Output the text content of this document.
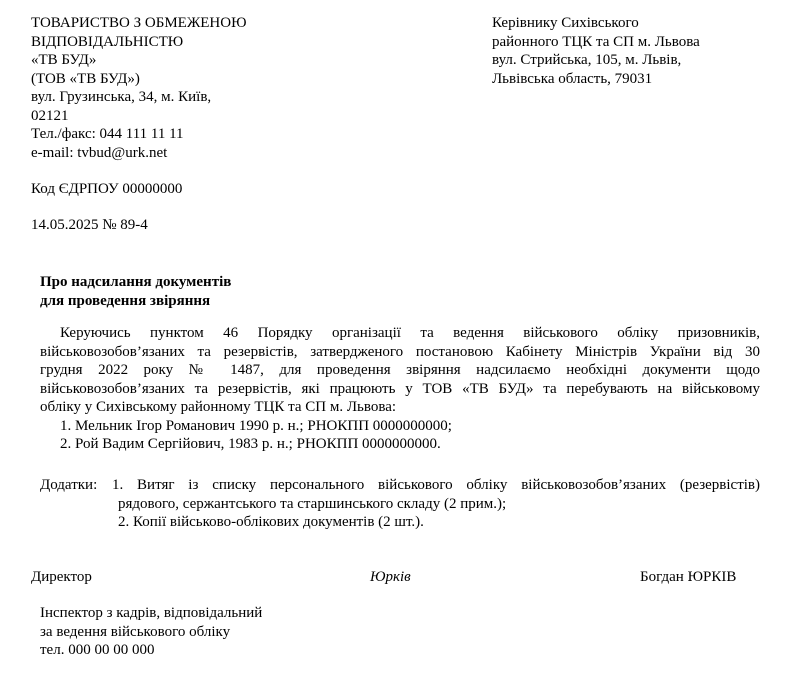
ТОВАРИСТВО З ОБМЕЖЕНОЮ
ВІДПОВІДАЛЬНІСТЮ
«ТВ БУД»
(ТОВ «ТВ БУД»)
вул. Грузинська, 34, м. Київ,
02121
Тел./факс: 044 111 11 11
e-mail: tvbud@urk.net
Керівнику Сихівського
районного ТЦК та СП м. Львова
вул. Стрийська, 105, м. Львів,
Львівська область, 79031
Код ЄДРПОУ 00000000
14.05.2025 № 89-4
Про надсилання документів
для проведення звіряння
Керуючись пунктом 46 Порядку організації та ведення військового обліку призовників,
військовозобов’язаних та резервістів, затвердженого постановою Кабінету Міністрів України від 30
грудня 2022 року № 1487, для проведення звіряння надсилаємо необхідні документи щодо
військовозобов’язаних та резервістів, які працюють у ТОВ «ТВ БУД» та перебувають на військовому
обліку у Сихівському районному ТЦК та СП м. Львова:
1. Мельник Ігор Романович 1990 р. н.; РНОКПП 0000000000;
2. Рой Вадим Сергійович, 1983 р. н.; РНОКПП 0000000000.
Додатки: 1. Витяг із списку персонального військового обліку військовозобов’язаних (резервістів)
рядового, сержантського та старшинського складу (2 прим.);
2. Копії військово-облікових документів (2 шт.).
Директор	Юрків	Богдан ЮРКІВ
Інспектор з кадрів, відповідальний
за ведення військового обліку
тел. 000 00 00 000
